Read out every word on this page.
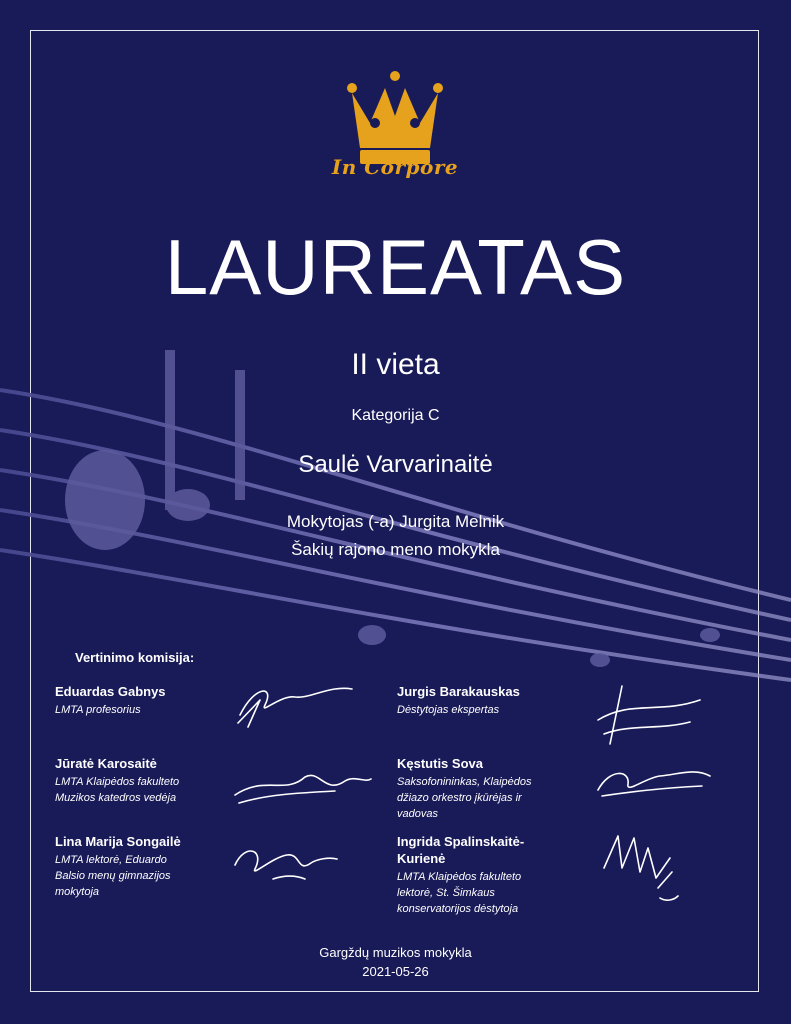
In Corpore
LAUREATAS
II vieta
Kategorija C
Saulė Varvarinaitė
Mokytojas (-a) Jurgita Melnik
Šakių rajono meno mokykla
Vertinimo komisija:
Eduardas Gabnys
LMTA profesorius
Jurgis Barakauskas
Dėstytojas ekspertas
Jūratė Karosaitė
LMTA Klaipėdos fakulteto
Muzikos katedros vedėja
Kęstutis Sova
Saksofonininkas, Klaipėdos
džiazo orkestro įkūrėjas ir
vadovas
Lina Marija Songailė
LMTA lektorė, Eduardo
Balsio menų gimnazijos
mokytoja
Ingrida Spalinskaitė-
Kurienė
LMTA Klaipėdos fakulteto
lektorė, St. Šimkaus
konservatorijos dėstytoja
Gargždų muzikos mokykla
2021-05-26
